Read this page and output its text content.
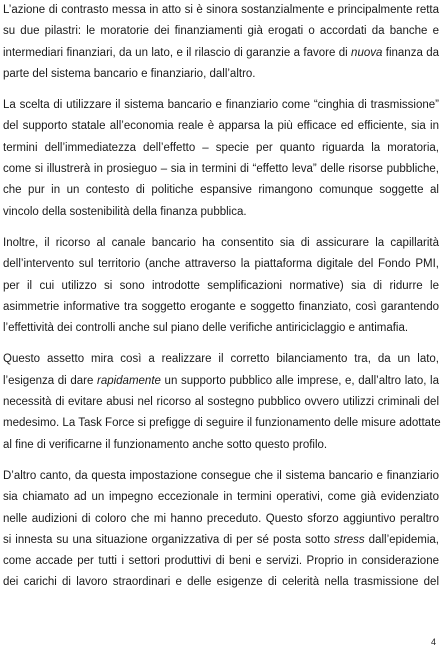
L’azione di contrasto messa in atto si è sinora sostanzialmente e principalmente retta
su due pilastri: le moratorie dei finanziamenti già erogati o accordati da banche e
intermediari finanziari, da un lato, e il rilascio di garanzie a favore di nuova finanza da
parte del sistema bancario e finanziario, dall’altro.

La scelta di utilizzare il sistema bancario e finanziario come “cinghia di trasmissione”
del supporto statale all’economia reale è apparsa la più efficace ed efficiente, sia in
termini dell’immediatezza dell’effetto – specie per quanto riguarda la moratoria,
come si illustrerà in prosieguo – sia in termini di “effetto leva” delle risorse pubbliche,
che pur in un contesto di politiche espansive rimangono comunque soggette al
vincolo della sostenibilità della finanza pubblica.

Inoltre, il ricorso al canale bancario ha consentito sia di assicurare la capillarità
dell’intervento sul territorio (anche attraverso la piattaforma digitale del Fondo PMI,
per il cui utilizzo si sono introdotte semplificazioni normative) sia di ridurre le
asimmetrie informative tra soggetto erogante e soggetto finanziato, così garantendo
l’effettività dei controlli anche sul piano delle verifiche antiriciclaggio e antimafia.

Questo assetto mira così a realizzare il corretto bilanciamento tra, da un lato,
l’esigenza di dare rapidamente un supporto pubblico alle imprese, e, dall’altro lato, la
necessità di evitare abusi nel ricorso al sostegno pubblico ovvero utilizzi criminali del
medesimo. La Task Force si prefigge di seguire il funzionamento delle misure adottate
al fine di verificarne il funzionamento anche sotto questo profilo.

D’altro canto, da questa impostazione consegue che il sistema bancario e finanziario
sia chiamato ad un impegno eccezionale in termini operativi, come già evidenziato
nelle audizioni di coloro che mi hanno preceduto. Questo sforzo aggiuntivo peraltro
si innesta su una situazione organizzativa di per sé posta sotto stress dall’epidemia,
come accade per tutti i settori produttivi di beni e servizi. Proprio in considerazione
dei carichi di lavoro straordinari e delle esigenze di celerità nella trasmissione del

4
